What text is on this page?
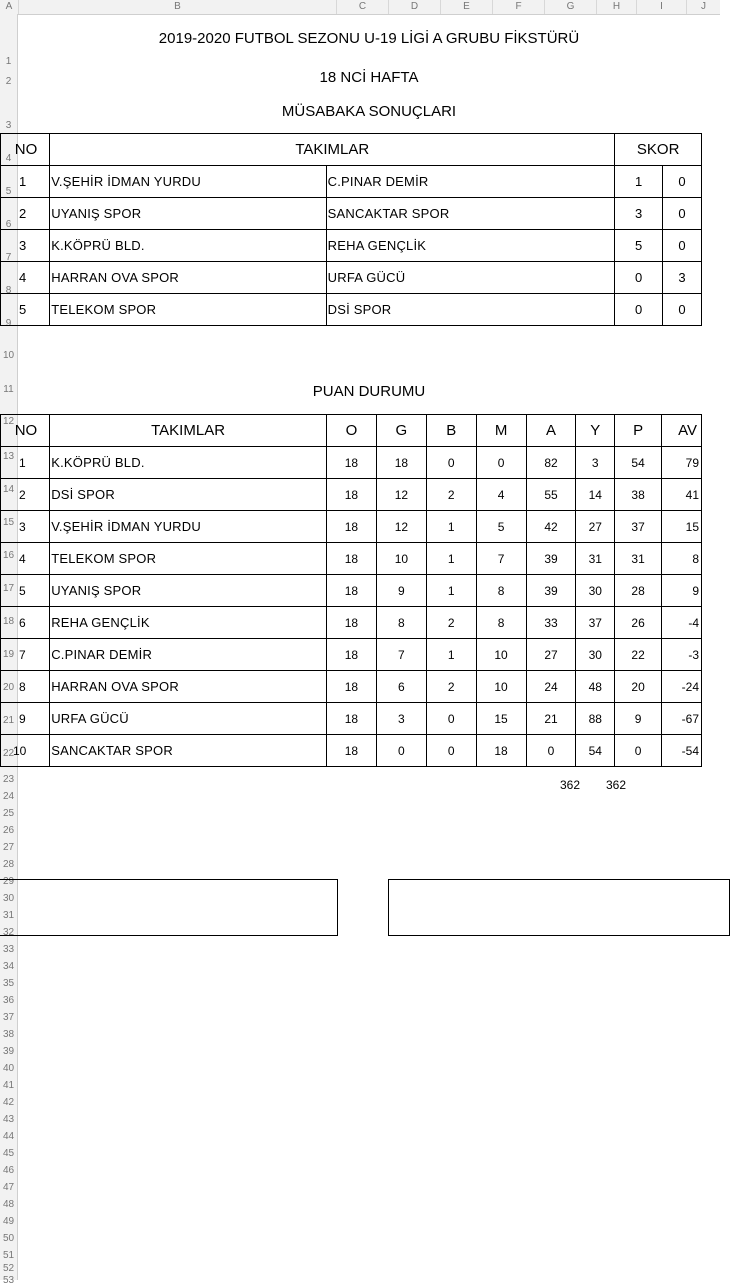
A	B	C	D	E	F	G	H	I	J
1
2
3
4
5
6
7
8
9
10
11
12
13
14
15
16
17
18
19
20
21
22
23
24
25
26
27
28
29
30
31
32
33
34
35
36
37
38
39
40
41
42
43
44
45
46
47
48
49
50
51
52
53
2019-2020 FUTBOL SEZONU U-19 LİGİ A GRUBU FİKSTÜRÜ
18 NCİ HAFTA
MÜSABAKA SONUÇLARI
NO	TAKIMLAR		SKOR	
1	V.ŞEHİR İDMAN YURDU	C.PINAR DEMİR	1	0
2	UYANIŞ SPOR	SANCAKTAR SPOR	3	0
3	K.KÖPRÜ BLD.	REHA GENÇLİK	5	0
4	HARRAN OVA SPOR	URFA GÜCÜ	0	3
5	TELEKOM SPOR	DSİ SPOR	0	0
PUAN DURUMU
NO	TAKIMLAR	O	G	B	M	A	Y	P	AV
1	K.KÖPRÜ BLD.	18	18	0	0	82	3	54	79
2	DSİ SPOR	18	12	2	4	55	14	38	41
3	V.ŞEHİR İDMAN YURDU	18	12	1	5	42	27	37	15
4	TELEKOM SPOR	18	10	1	7	39	31	31	8
5	UYANIŞ SPOR	18	9	1	8	39	30	28	9
6	REHA GENÇLİK	18	8	2	8	33	37	26	-4
7	C.PINAR DEMİR	18	7	1	10	27	30	22	-3
8	HARRAN OVA SPOR	18	6	2	10	24	48	20	-24
9	URFA GÜCÜ	18	3	0	15	21	88	9	-67
10	SANCAKTAR SPOR	18	0	0	18	0	54	0	-54
362	362
